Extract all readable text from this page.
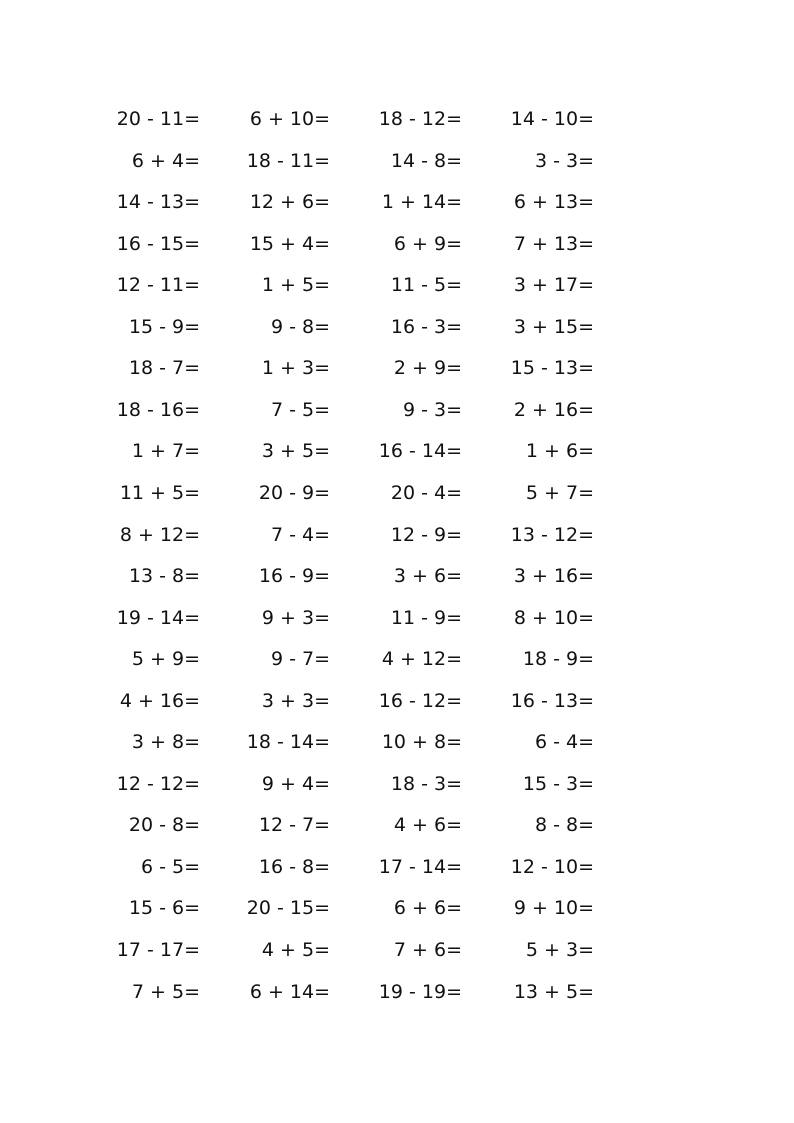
20 - 11=
6 + 4=
14 - 13=
16 - 15=
12 - 11=
15 - 9=
18 - 7=
18 - 16=
1 + 7=
11 + 5=
8 + 12=
13 - 8=
19 - 14=
5 + 9=
4 + 16=
3 + 8=
12 - 12=
20 - 8=
6 - 5=
15 - 6=
17 - 17=
7 + 5=
6 + 10=
18 - 11=
12 + 6=
15 + 4=
1 + 5=
9 - 8=
1 + 3=
7 - 5=
3 + 5=
20 - 9=
7 - 4=
16 - 9=
9 + 3=
9 - 7=
3 + 3=
18 - 14=
9 + 4=
12 - 7=
16 - 8=
20 - 15=
4 + 5=
6 + 14=
18 - 12=
14 - 8=
1 + 14=
6 + 9=
11 - 5=
16 - 3=
2 + 9=
9 - 3=
16 - 14=
20 - 4=
12 - 9=
3 + 6=
11 - 9=
4 + 12=
16 - 12=
10 + 8=
18 - 3=
4 + 6=
17 - 14=
6 + 6=
7 + 6=
19 - 19=
14 - 10=
3 - 3=
6 + 13=
7 + 13=
3 + 17=
3 + 15=
15 - 13=
2 + 16=
1 + 6=
5 + 7=
13 - 12=
3 + 16=
8 + 10=
18 - 9=
16 - 13=
6 - 4=
15 - 3=
8 - 8=
12 - 10=
9 + 10=
5 + 3=
13 + 5=
